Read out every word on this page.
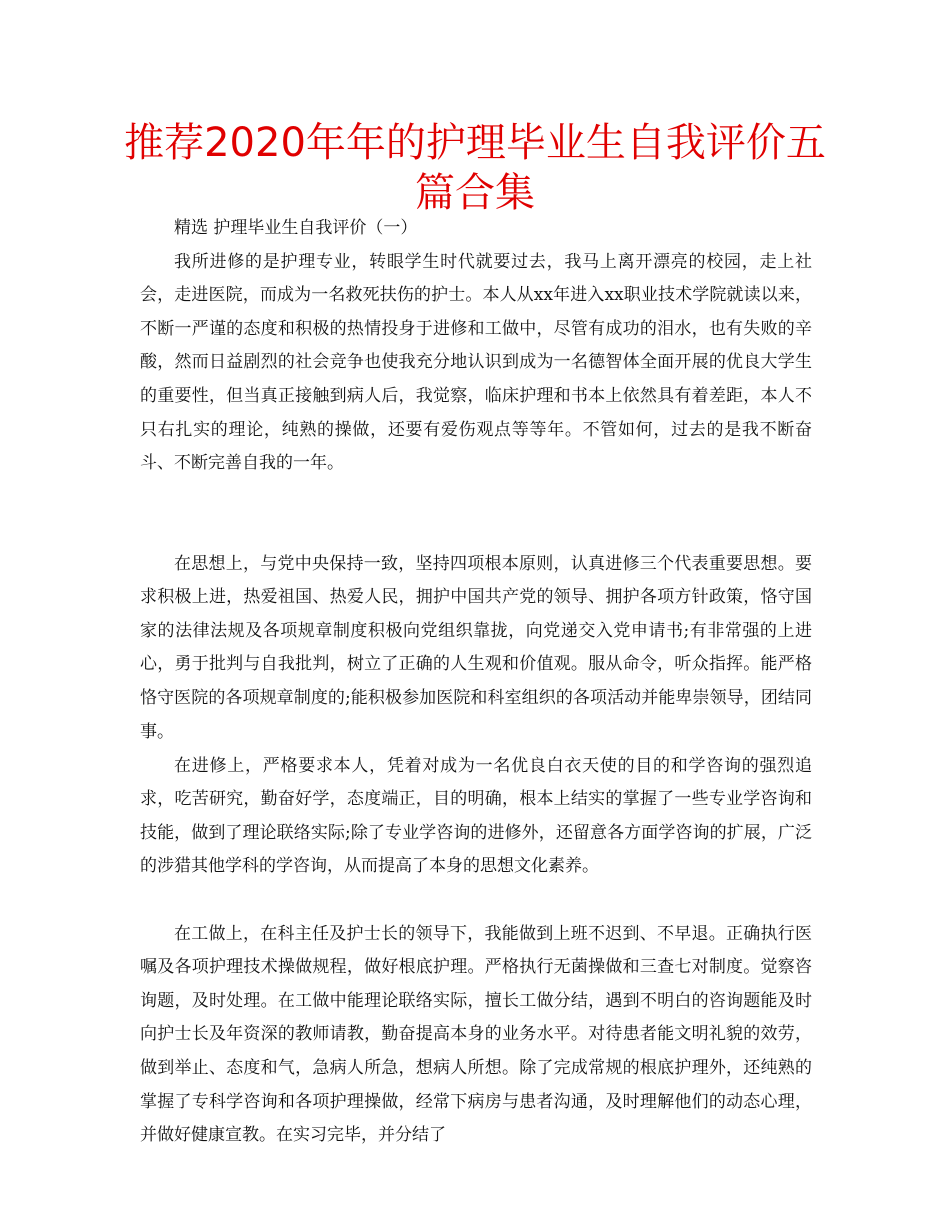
推荐2020年年的护理毕业生自我评价五篇合集

精选 护理毕业生自我评价（一）

我所进修的是护理专业，转眼学生时代就要过去，我马上离开漂亮的校园，走上社会，走进医院，而成为一名救死扶伤的护士。本人从xx年进入xx职业技术学院就读以来，不断一严谨的态度和积极的热情投身于进修和工做中，尽管有成功的泪水，也有失败的辛酸，然而日益剧烈的社会竞争也使我充分地认识到成为一名德智体全面开展的优良大学生的重要性，但当真正接触到病人后，我觉察，临床护理和书本上依然具有着差距，本人不只右扎实的理论，纯熟的操做，还要有爱伤观点等等年。不管如何，过去的是我不断奋斗、不断完善自我的一年。

在思想上，与党中央保持一致，坚持四项根本原则，认真进修三个代表重要思想。要求积极上进，热爱祖国、热爱人民，拥护中国共产党的领导、拥护各项方针政策，恪守国家的法律法规及各项规章制度积极向党组织靠拢，向党递交入党申请书;有非常强的上进心，勇于批判与自我批判，树立了正确的人生观和价值观。服从命令，听众指挥。能严格恪守医院的各项规章制度的;能积极参加医院和科室组织的各项活动并能卑崇领导，团结同事。

在进修上，严格要求本人，凭着对成为一名优良白衣天使的目的和学咨询的强烈追求，吃苦研究，勤奋好学，态度端正，目的明确，根本上结实的掌握了一些专业学咨询和技能，做到了理论联络实际;除了专业学咨询的进修外，还留意各方面学咨询的扩展，广泛的涉猎其他学科的学咨询，从而提高了本身的思想文化素养。

在工做上，在科主任及护士长的领导下，我能做到上班不迟到、不早退。正确执行医嘱及各项护理技术操做规程，做好根底护理。严格执行无菌操做和三查七对制度。觉察咨询题，及时处理。在工做中能理论联络实际，擅长工做分结，遇到不明白的咨询题能及时向护士长及年资深的教师请教，勤奋提高本身的业务水平。对待患者能文明礼貌的效劳，做到举止、态度和气，急病人所急，想病人所想。除了完成常规的根底护理外，还纯熟的掌握了专科学咨询和各项护理操做，经常下病房与患者沟通，及时理解他们的动态心理，并做好健康宣教。在实习完毕，并分结了
